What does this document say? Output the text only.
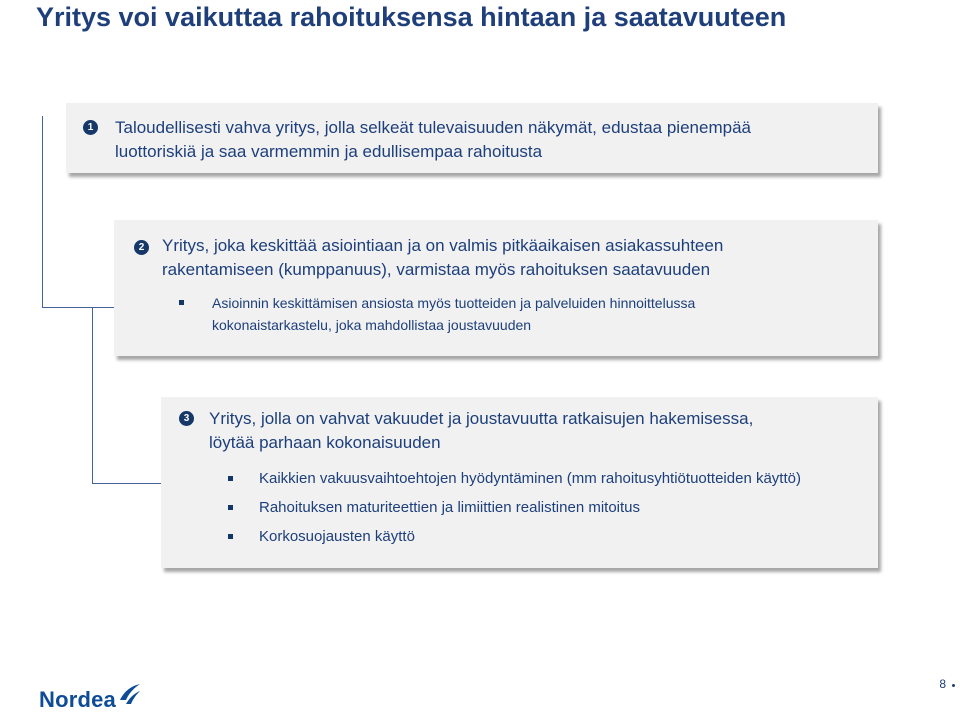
Yritys voi vaikuttaa rahoituksensa hintaan ja saatavuuteen
1 Taloudellisesti vahva yritys, jolla selkeät tulevaisuuden näkymät, edustaa pienempää
luottoriskiä ja saa varmemmin ja edullisempaa rahoitusta
2 Yritys, joka keskittää asiointiaan ja on valmis pitkäaikaisen asiakassuhteen
rakentamiseen (kumppanuus), varmistaa myös rahoituksen saatavuuden
Asioinnin keskittämisen ansiosta myös tuotteiden ja palveluiden hinnoittelussa
kokonaistarkastelu, joka mahdollistaa joustavuuden
3 Yritys, jolla on vahvat vakuudet ja joustavuutta ratkaisujen hakemisessa,
löytää parhaan kokonaisuuden
Kaikkien vakuusvaihtoehtojen hyödyntäminen (mm rahoitusyhtiötuotteiden käyttö)
Rahoituksen maturiteettien ja limiittien realistinen mitoitus
Korkosuojausten käyttö
Nordea
8
